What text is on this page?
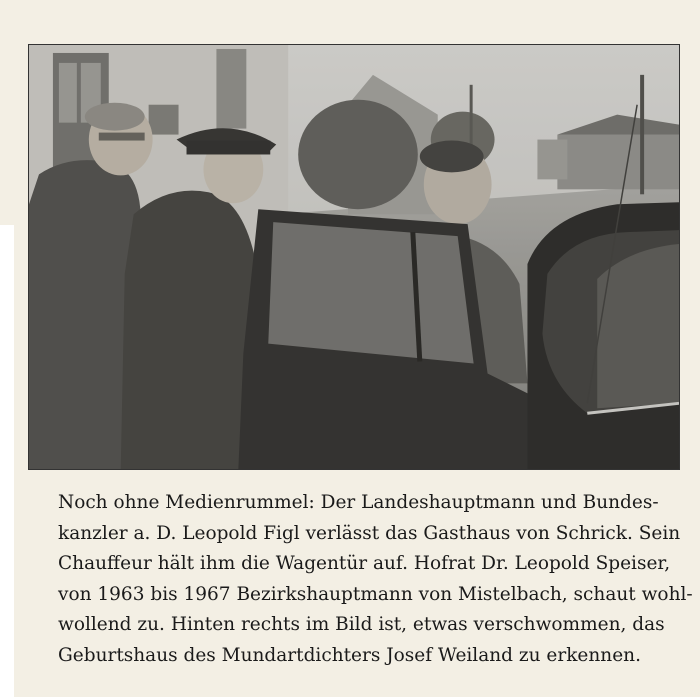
Noch ohne Medienrummel: Der Landeshauptmann und Bundes-
kanzler a. D. Leopold Figl verlässt das Gasthaus von Schrick. Sein
Chauffeur hält ihm die Wagentür auf. Hofrat Dr. Leopold Speiser,
von 1963 bis 1967 Bezirkshauptmann von Mistelbach, schaut wohl-
wollend zu. Hinten rechts im Bild ist, etwas verschwommen, das
Geburtshaus des Mundartdichters Josef Weiland zu erkennen.
